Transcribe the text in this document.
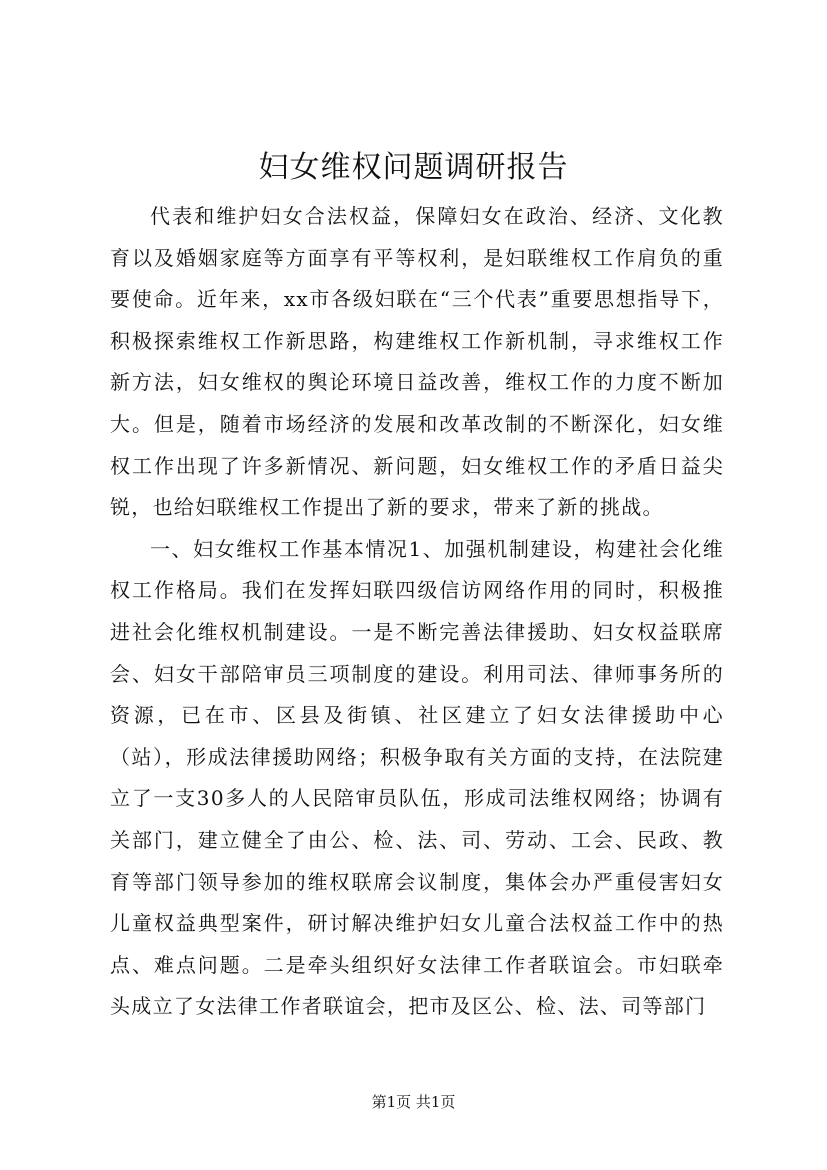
妇女维权问题调研报告

代表和维护妇女合法权益，保障妇女在政治、经济、文化教育以及婚姻家庭等方面享有平等权利，是妇联维权工作肩负的重要使命。近年来，xx市各级妇联在“三个代表”重要思想指导下，积极探索维权工作新思路，构建维权工作新机制，寻求维权工作新方法，妇女维权的舆论环境日益改善，维权工作的力度不断加大。但是，随着市场经济的发展和改革改制的不断深化，妇女维权工作出现了许多新情况、新问题，妇女维权工作的矛盾日益尖锐，也给妇联维权工作提出了新的要求，带来了新的挑战。

一、妇女维权工作基本情况1、加强机制建设，构建社会化维权工作格局。我们在发挥妇联四级信访网络作用的同时，积极推进社会化维权机制建设。一是不断完善法律援助、妇女权益联席会、妇女干部陪审员三项制度的建设。利用司法、律师事务所的资源，已在市、区县及街镇、社区建立了妇女法律援助中心（站），形成法律援助网络；积极争取有关方面的支持，在法院建立了一支30多人的人民陪审员队伍，形成司法维权网络；协调有关部门，建立健全了由公、检、法、司、劳动、工会、民政、教育等部门领导参加的维权联席会议制度，集体会办严重侵害妇女儿童权益典型案件，研讨解决维护妇女儿童合法权益工作中的热点、难点问题。二是牵头组织好女法律工作者联谊会。市妇联牵头成立了女法律工作者联谊会，把市及区公、检、法、司等部门

第1页 共1页
